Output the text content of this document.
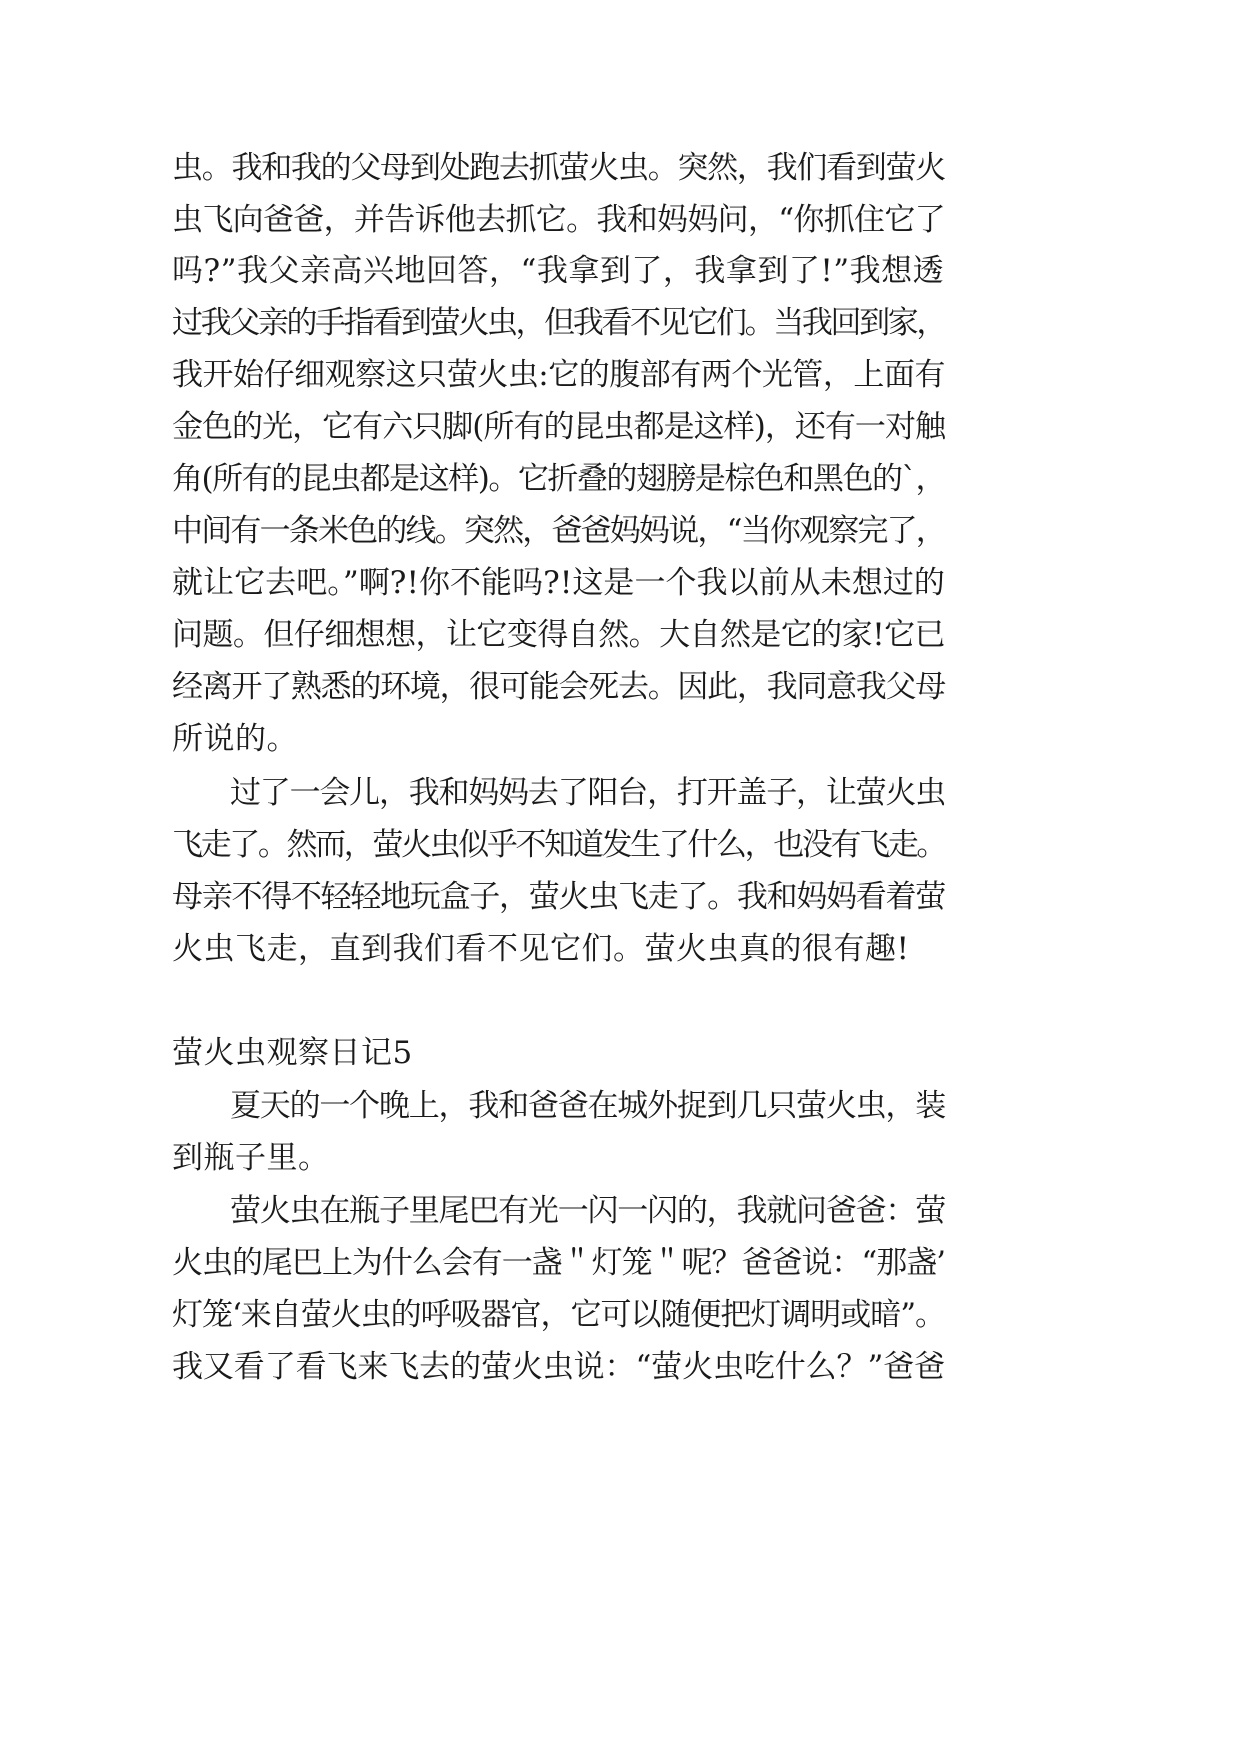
虫。我和我的父母到处跑去抓萤火虫。突然，我们看到萤火
虫飞向爸爸，并告诉他去抓它。我和妈妈问，“你抓住它了
吗?”我父亲高兴地回答，“我拿到了，我拿到了!”我想透
过我父亲的手指看到萤火虫，但我看不见它们。当我回到家，
我开始仔细观察这只萤火虫:它的腹部有两个光管，上面有
金色的光，它有六只脚(所有的昆虫都是这样)，还有一对触
角(所有的昆虫都是这样)。它折叠的翅膀是棕色和黑色的`，
中间有一条米色的线。突然，爸爸妈妈说，“当你观察完了，
就让它去吧。”啊?!你不能吗?!这是一个我以前从未想过的
问题。但仔细想想，让它变得自然。大自然是它的家!它已
经离开了熟悉的环境，很可能会死去。因此，我同意我父母
所说的。
过了一会儿，我和妈妈去了阳台，打开盖子，让萤火虫
飞走了。然而，萤火虫似乎不知道发生了什么，也没有飞走。
母亲不得不轻轻地玩盒子，萤火虫飞走了。我和妈妈看着萤
火虫飞走，直到我们看不见它们。萤火虫真的很有趣!
萤火虫观察日记5
夏天的一个晚上，我和爸爸在城外捉到几只萤火虫，装
到瓶子里。
萤火虫在瓶子里尾巴有光一闪一闪的，我就问爸爸：萤
火虫的尾巴上为什么会有一盏＂灯笼＂呢？爸爸说：“那盏’
灯笼‘来自萤火虫的呼吸器官，它可以随便把灯调明或暗”。
我又看了看飞来飞去的萤火虫说：“萤火虫吃什么？”爸爸
